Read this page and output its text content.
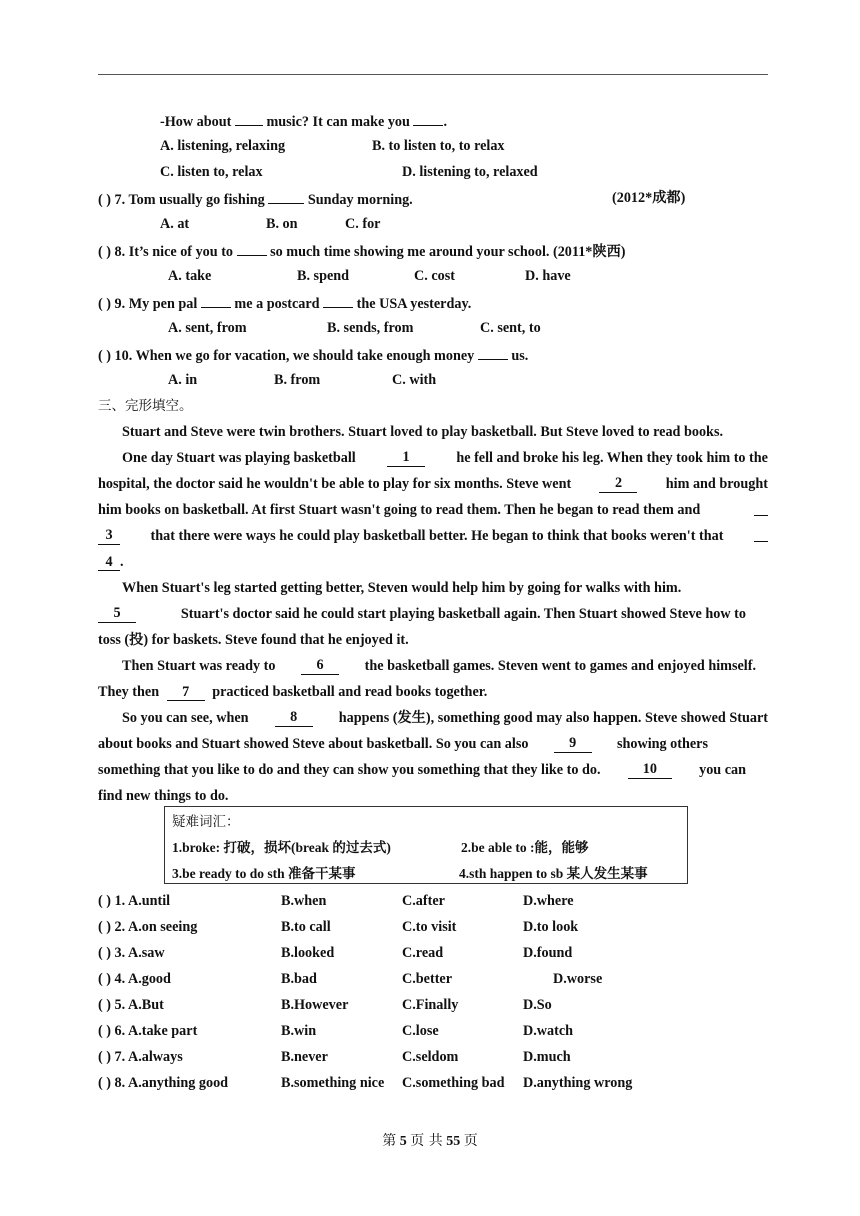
-How about music? It can make you .
A. listening, relaxing	B. to listen to, to relax
C. listen to, relax	D. listening to, relaxed
( ) 7. Tom usually go fishing	Sunday morning.	(2012*成都)
A. at	B. on	C. for
( ) 8. It’s nice of you to	so much time showing me around your school. (2011*陕西)
A. take	B. spend	C. cost	D. have
( ) 9. My pen pal	me a postcard	the USA yesterday.
A. sent, from	B. sends, from	C. sent, to
( ) 10. When we go for vacation, we should take enough money	us.
A. in	B. from	C. with
三、完形填空。
Stuart and Steve were twin brothers. Stuart loved to play basketball. But Steve loved to read books.
One day Stuart was playing basketball	1	he fell and broke his leg. When they took him to the
hospital, the doctor said he wouldn't be able to play for six months. Steve went	2	him and brought
him books on basketball. At first Stuart wasn't going to read them. Then he began to read them and
3	that there were ways he could play basketball better. He began to think that books weren't that
4 .
When Stuart's leg started getting better, Steven would help him by going for walks with him.
5	Stuart's doctor said he could start playing basketball again. Then Stuart showed Steve how to
toss (投) for baskets. Steve found that he enjoyed it.
Then Stuart was ready to	6	the basketball games. Steven went to games and enjoyed himself.
They then 7 practiced basketball and read books together.
So you can see, when	8	happens (发生), something good may also happen. Steve showed Stuart
about books and Stuart showed Steve about basketball. So you can also	9	showing others
something that you like to do and they can show you something that they like to do.	10	you can
find new things to do.
疑难词汇：
1.broke: 打破，损坏(break 的过去式)	2.be able to :能，能够
3.be ready to do sth 准备干某事	4.sth happen to sb 某人发生某事
( ) 1. A.until	B.when	C.after	D.where
( ) 2. A.on seeing	B.to call	C.to visit	D.to look
( ) 3. A.saw	B.looked	C.read	D.found
( ) 4. A.good	B.bad	C.better	D.worse
( ) 5. A.But	B.However	C.Finally	D.So
( ) 6. A.take part	B.win	C.lose	D.watch
( ) 7. A.always	B.never	C.seldom	D.much
( ) 8. A.anything good	B.something nice C.something bad D.anything wrong
第 5 页 共 55 页
